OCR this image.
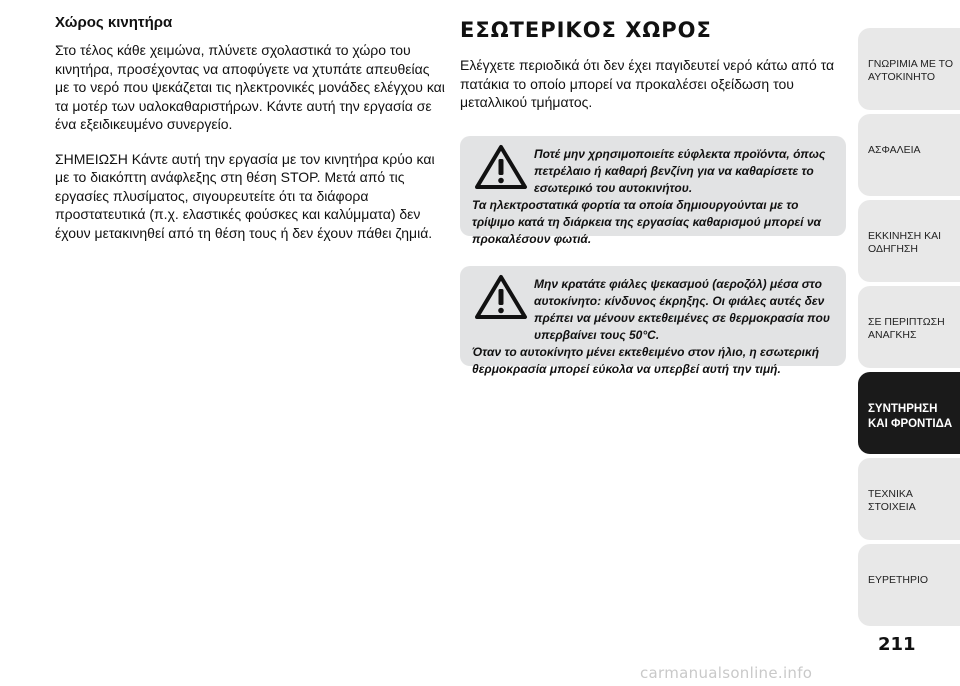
Χώρος κινητήρα

Στο τέλος κάθε χειμώνα, πλύνετε σχολαστικά το χώρο του κινητήρα, προσέχοντας να αποφύγετε να χτυπάτε απευθείας με το νερό που ψεκάζεται τις ηλεκτρονικές μονάδες ελέγχου και τα μοτέρ των υαλοκαθαριστήρων. Κάντε αυτή την εργασία σε ένα εξειδικευμένο συνεργείο.

ΣΗΜΕΙΩΣΗ Κάντε αυτή την εργασία με τον κινητήρα κρύο και με το διακόπτη ανάφλεξης στη θέση STOP. Μετά από τις εργασίες πλυσίματος, σιγουρευτείτε ότι τα διάφορα προστατευτικά (π.χ. ελαστικές φούσκες και καλύμματα) δεν έχουν μετακινηθεί από τη θέση τους ή δεν έχουν πάθει ζημιά.

ΕΣΩΤΕΡΙΚΟΣ ΧΩΡΟΣ

Ελέγχετε περιοδικά ότι δεν έχει παγιδευτεί νερό κάτω από τα πατάκια το οποίο μπορεί να προκαλέσει οξείδωση του μεταλλικού τμήματος.

Ποτέ μην χρησιμοποιείτε εύφλεκτα προϊόντα, όπως πετρέλαιο ή καθαρή βενζίνη για να καθαρίσετε το εσωτερικό του αυτοκινήτου.
Τα ηλεκτροστατικά φορτία τα οποία δημιουργούνται με το τρίψιμο κατά τη διάρκεια της εργασίας καθαρισμού μπορεί να προκαλέσουν φωτιά.
Μην κρατάτε φιάλες ψεκασμού (αεροζόλ) μέσα στο αυτοκίνητο: κίνδυνος έκρηξης. Οι φιάλες αυτές δεν πρέπει να μένουν εκτεθειμένες σε θερμοκρασία που υπερβαίνει τους 50°C.
Όταν το αυτοκίνητο μένει εκτεθειμένο στον ήλιο, η εσωτερική θερμοκρασία μπορεί εύκολα να υπερβεί αυτή την τιμή.
ΓΝΩΡΙΜΙΑ ΜΕ ΤΟ ΑΥΤΟΚΙΝΗΤΟ
ΑΣΦΑΛΕΙΑ
ΕΚΚΙΝΗΣΗ ΚΑΙ ΟΔΗΓΗΣΗ
ΣΕ ΠΕΡΙΠΤΩΣΗ ΑΝΑΓΚΗΣ
ΣΥΝΤΗΡΗΣΗ ΚΑΙ ΦΡΟΝΤΙΔΑ
ΤΕΧΝΙΚΑ ΣΤΟΙΧΕΙΑ
ΕΥΡΕΤΗΡΙΟ
211
carmanualsonline.info
